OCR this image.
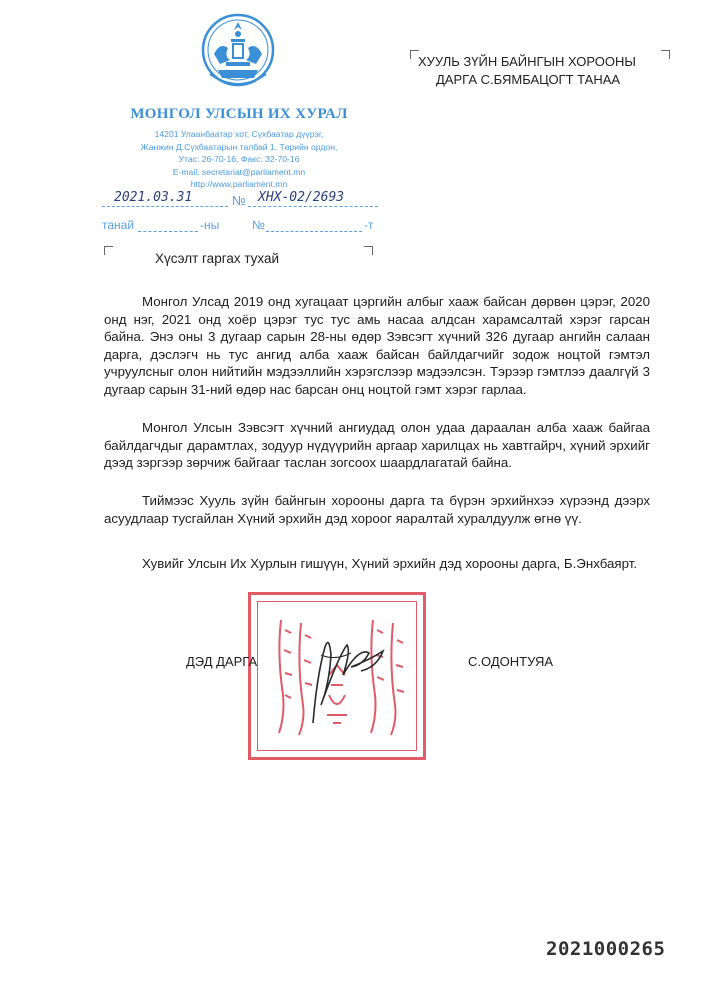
МОНГОЛ УЛСЫН ИХ ХУРАЛ
14201 Улаанбаатар хот, Сүхбаатар дүүрэг,
Жанжин Д.Сүхбаатарын талбай 1, Төрийн ордон,
Утас: 26-70-16, Факс: 32-70-16
E-mail: secretariat@parliament.mn
http://www.parliament.mn
ХУУЛЬ ЗҮЙН БАЙНГЫН ХОРООНЫ
ДАРГА С.БЯМБАЦОГТ ТАНАА
2021.03.31	№ ХНХ-02/2693
танай	-ны	№	-т
Хүсэлт гаргах тухай
Монгол Улсад 2019 онд хугацаат цэргийн албыг хааж байсан дөрвөн цэрэг, 2020 онд нэг, 2021 онд хоёр цэрэг тус тус амь насаа алдсан харамсалтай хэрэг гарсан байна. Энэ оны 3 дугаар сарын 28-ны өдөр Зэвсэгт хүчний 326 дугаар ангийн салаан дарга, дэслэгч нь тус ангид алба хааж байсан байлдагчийг зодож ноцтой гэмтэл учруулсныг олон нийтийн мэдээллийн хэрэгслээр мэдээлсэн. Тэрээр гэмтлээ даалгүй 3 дугаар сарын 31-ний өдөр нас барсан онц ноцтой гэмт хэрэг гарлаа.
Монгол Улсын Зэвсэгт хүчний ангиудад олон удаа дараалан алба хааж байгаа байлдагчдыг дарамтлах, зодуур нүдүүрийн аргаар харилцах нь хавтгайрч, хүний эрхийг дээд зэргээр зөрчиж байгааг таслан зогсоох шаардлагатай байна.
Тиймээс Хууль зүйн байнгын хорооны дарга та бүрэн эрхийнхээ хүрээнд дээрх асуудлаар тусгайлан Хүний эрхийн дэд хороог яаралтай хуралдуулж өгнө үү.
Хувийг Улсын Их Хурлын гишүүн, Хүний эрхийн дэд хорооны дарга, Б.Энхбаярт.
ДЭД ДАРГА	С.ОДОНТУЯА
2021000265
